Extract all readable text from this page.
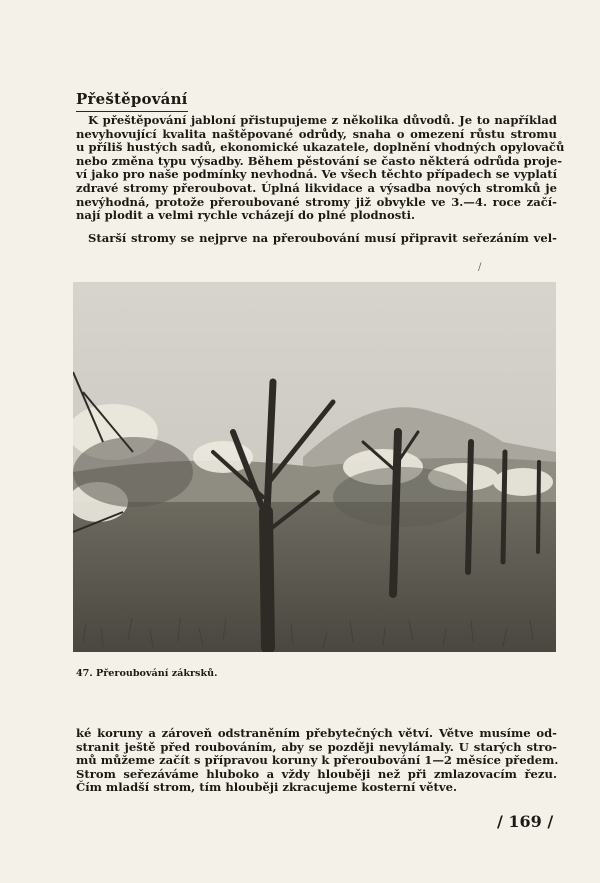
Přeštěpování
K přeštěpování jabloní přistupujeme z několika důvodů. Je to například
nevyhovující kvalita naštěpované odrůdy, snaha o omezení růstu stromu
u příliš hustých sadů, ekonomické ukazatele, doplnění vhodných opylovačů
nebo změna typu výsadby. Během pěstování se často některá odrůda proje-
ví jako pro naše podmínky nevhodná. Ve všech těchto případech se vyplatí
zdravé stromy přeroubovat. Úplná likvidace a výsadba nových stromků je
nevýhodná, protože přeroubované stromy již obvykle ve 3.—4. roce začí-
nají plodit a velmi rychle vcházejí do plné plodnosti.
Starší stromy se nejprve na přeroubování musí připravit seřezáním vel-
/
47. Přeroubování zákrsků.
ké koruny a zároveň odstraněním přebytečných větví. Větve musíme od-
stranit ještě před roubováním, aby se později nevylámaly. U starých stro-
mů můžeme začít s přípravou koruny k přeroubování 1—2 měsíce předem.
Strom seřezáváme hluboko a vždy hlouběji než při zmlazovacím řezu.
Čím mladší strom, tím hlouběji zkracujeme kosterní větve.
/ 169 /
